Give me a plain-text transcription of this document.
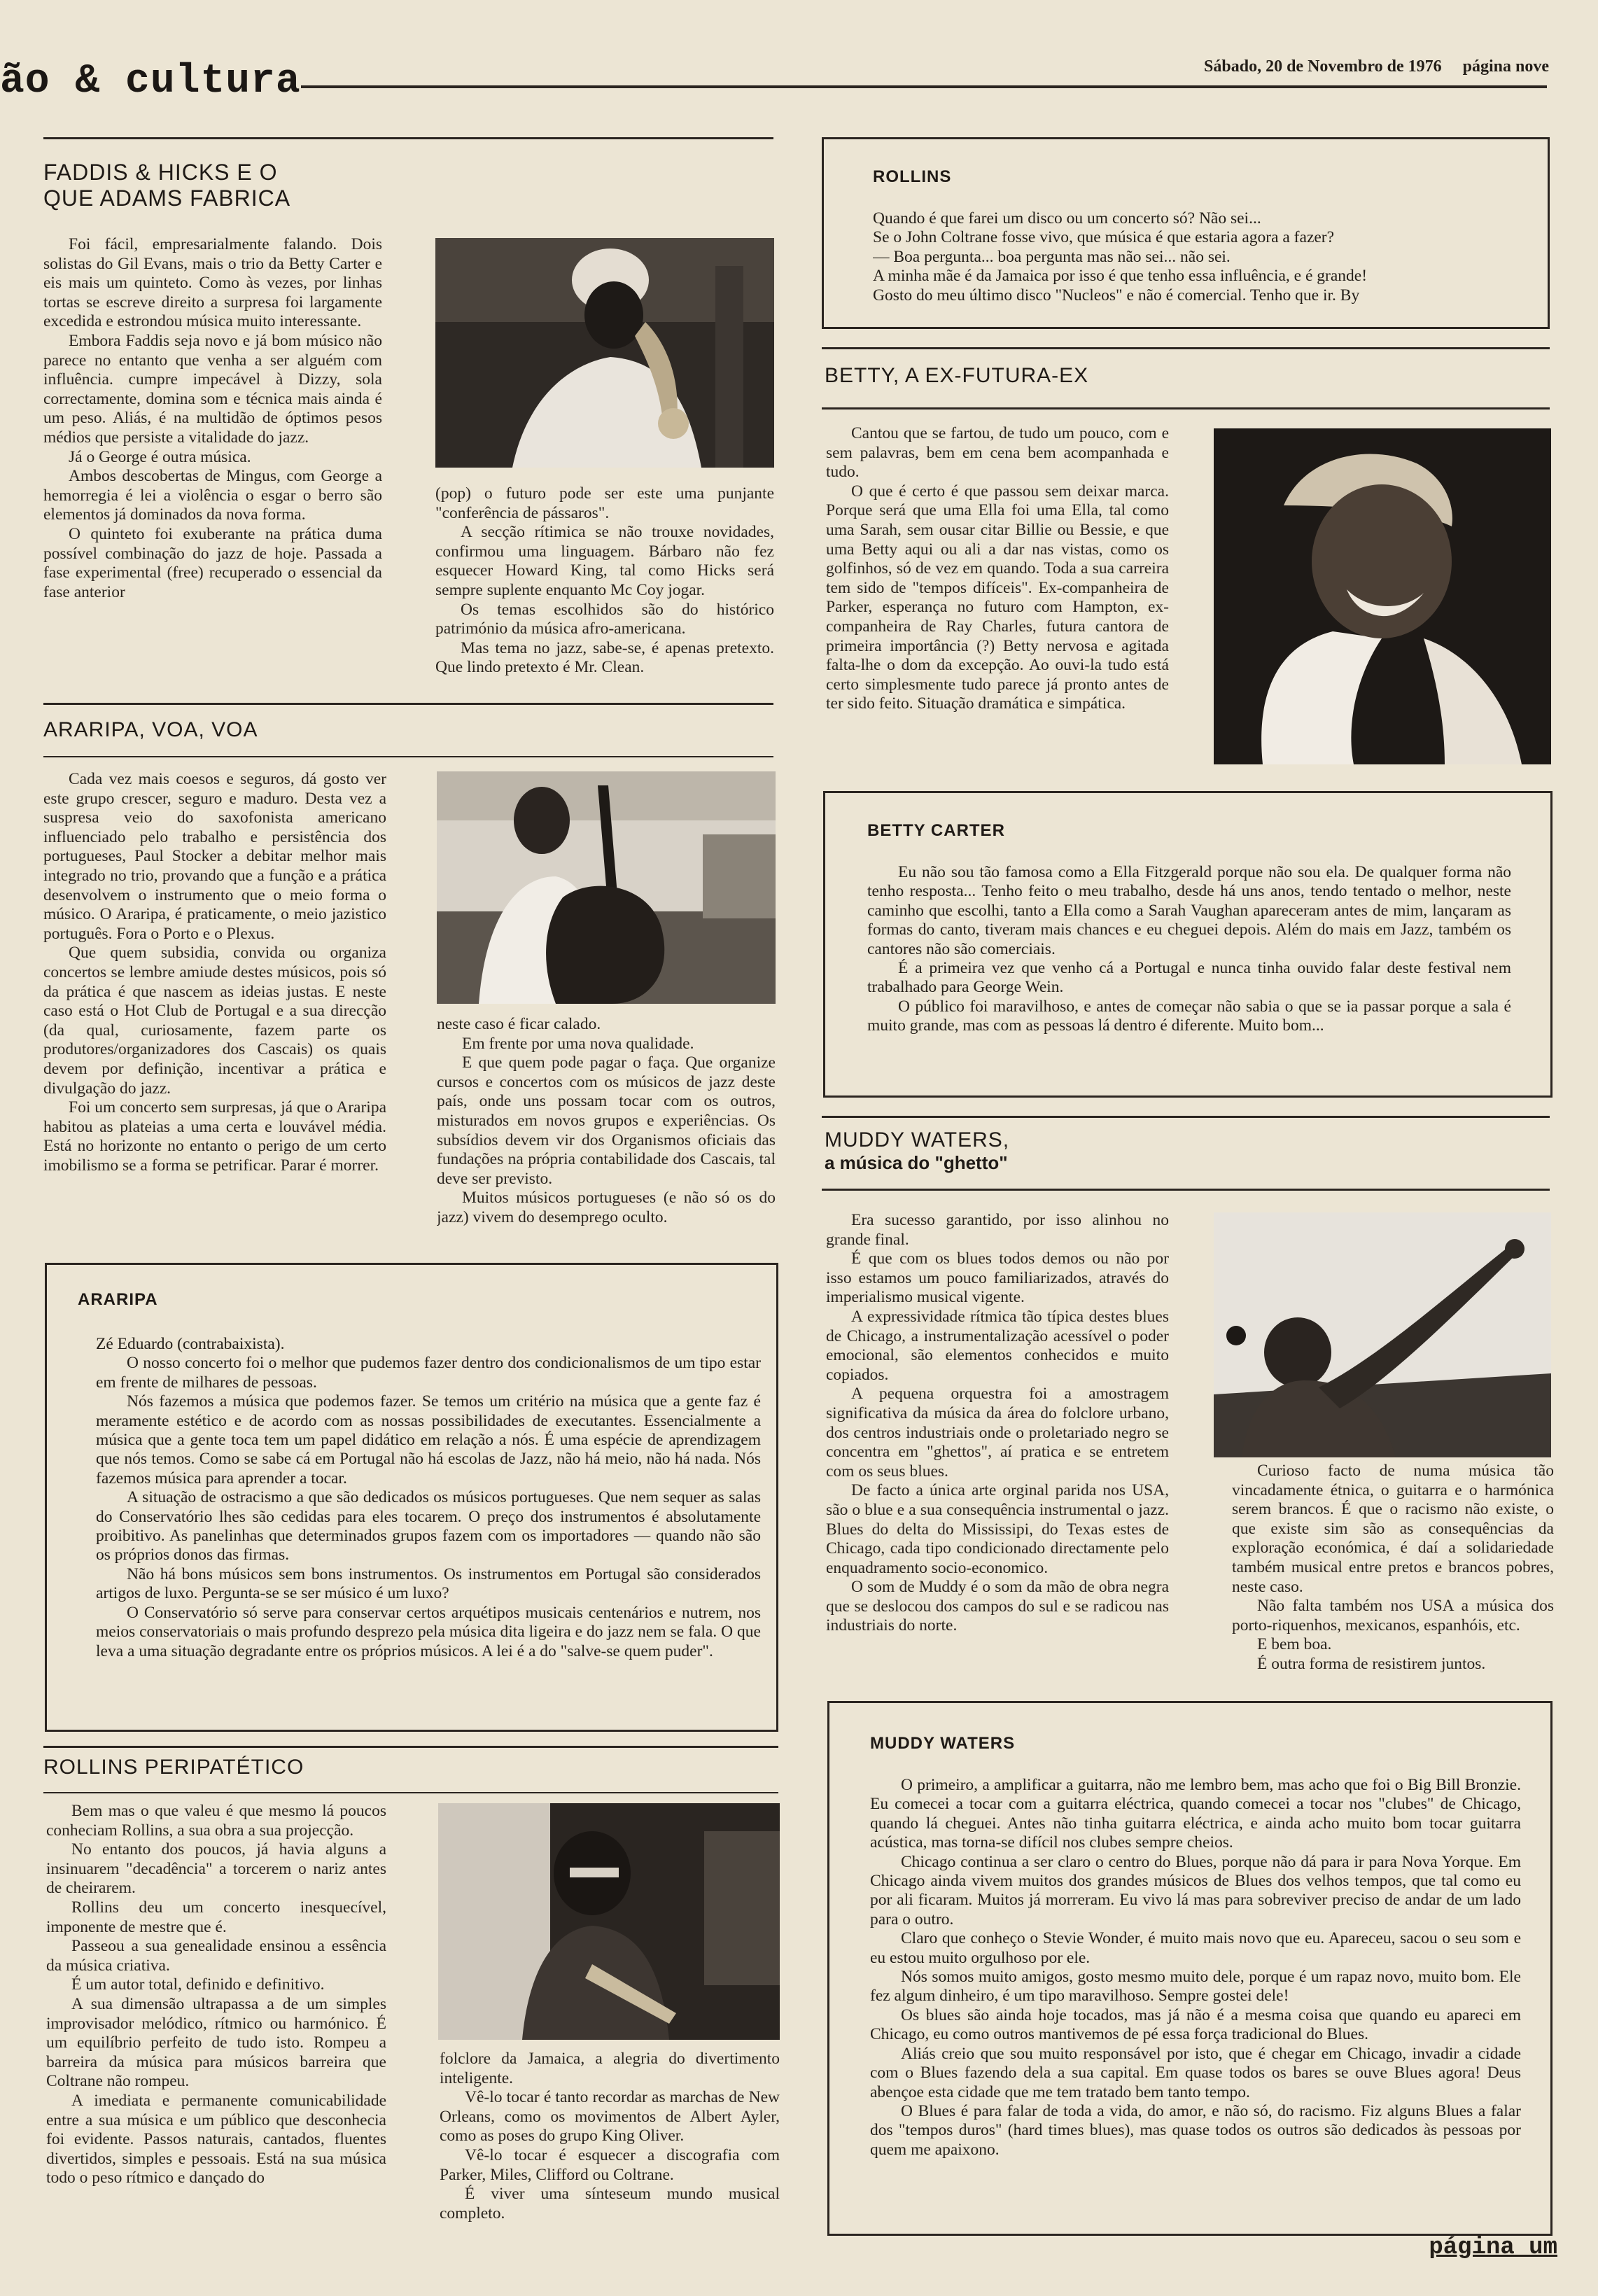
ão & cultura	Sábado, 20 de Novembro de 1976 página nove
FADDIS & HICKS E O
QUE ADAMS FABRICA

Foi fácil, empresarialmente falando. Dois solistas do Gil Evans, mais o trio da Betty Carter e eis mais um quinteto. Como às vezes, por linhas tortas se escreve direito a surpresa foi largamente excedida e estrondou música muito interessante.

Embora Faddis seja novo e já bom músico não parece no entanto que venha a ser alguém com influência. cumpre impecável à Dizzy, sola correctamente, domina som e técnica mais ainda é um peso. Aliás, é na multidão de óptimos pesos médios que persiste a vitalidade do jazz.

Já o George é outra música.

Ambos descobertas de Mingus, com George a hemorregia é lei a violência o esgar o berro são elementos já dominados da nova forma.

O quinteto foi exuberante na prática duma possível combinação do jazz de hoje. Passada a fase experimental (free) recuperado o essencial da fase anterior

(pop) o futuro pode ser este uma punjante "conferência de pássaros".

A secção rítimica se não trouxe novidades, confirmou uma linguagem. Bárbaro não fez esquecer Howard King, tal como Hicks será sempre suplente enquanto Mc Coy jogar.

Os temas escolhidos são do histórico património da música afro-americana.

Mas tema no jazz, sabe-se, é apenas pretexto. Que lindo pretexto é Mr. Clean.

ROLLINS

Quando é que farei um disco ou um concerto só? Não sei...

Se o John Coltrane fosse vivo, que música é que estaria agora a fazer?

— Boa pergunta... boa pergunta mas não sei... não sei.

A minha mãe é da Jamaica por isso é que tenho essa influência, e é grande!

Gosto do meu último disco "Nucleos" e não é comercial. Tenho que ir. By

BETTY, A EX-FUTURA-EX

Cantou que se fartou, de tudo um pouco, com e sem palavras, bem em cena bem acompanhada e tudo.

O que é certo é que passou sem deixar marca. Porque será que uma Ella foi uma Ella, tal como uma Sarah, sem ousar citar Billie ou Bessie, e que uma Betty aqui ou ali a dar nas vistas, como os golfinhos, só de vez em quando. Toda a sua carreira tem sido de "tempos difíceis". Ex-companheira de Parker, esperança no futuro com Hampton, ex-companheira de Ray Charles, futura cantora de primeira importância (?) Betty nervosa e agitada falta-lhe o dom da excepção. Ao ouvi-la tudo está certo simplesmente tudo parece já pronto antes de ter sido feito. Situação dramática e simpática.

BETTY CARTER

Eu não sou tão famosa como a Ella Fitzgerald porque não sou ela. De qualquer forma não tenho resposta... Tenho feito o meu trabalho, desde há uns anos, tendo tentado o melhor, neste caminho que escolhi, tanto a Ella como a Sarah Vaughan apareceram antes de mim, lançaram as formas do canto, tiveram mais chances e eu cheguei depois. Além do mais em Jazz, também os cantores não são comerciais.

É a primeira vez que venho cá a Portugal e nunca tinha ouvido falar deste festival nem trabalhado para George Wein.

O público foi maravilhoso, e antes de começar não sabia o que se ia passar porque a sala é muito grande, mas com as pessoas lá dentro é diferente. Muito bom...

ARARIPA, VOA, VOA

Cada vez mais coesos e seguros, dá gosto ver este grupo crescer, seguro e maduro. Desta vez a suspresa veio do saxofonista americano influenciado pelo trabalho e persistência dos portugueses, Paul Stocker a debitar melhor mais integrado no trio, provando que a função e a prática desenvolvem o instrumento que o meio forma o músico. O Araripa, é praticamente, o meio jazistico português. Fora o Porto e o Plexus.

Que quem subsidia, convida ou organiza concertos se lembre amiude destes músicos, pois só da prática é que nascem as ideias justas. E neste caso está o Hot Club de Portugal e a sua direcção (da qual, curiosamente, fazem parte os produtores/organizadores dos Cascais) os quais devem por definição, incentivar a prática e divulgação do jazz.

Foi um concerto sem surpresas, já que o Araripa habitou as plateias a uma certa e louvável média. Está no horizonte no entanto o perigo de um certo imobilismo se a forma se petrificar. Parar é morrer.

neste caso é ficar calado.

Em frente por uma nova qualidade.

E que quem pode pagar o faça. Que organize cursos e concertos com os músicos de jazz deste país, onde uns possam tocar com os outros, misturados em novos grupos e experiências. Os subsídios devem vir dos Organismos oficiais das fundações na própria contabilidade dos Cascais, tal deve ser previsto.

Muitos músicos portugueses (e não só os do jazz) vivem do desemprego oculto.

ARARIPA

Zé Eduardo (contrabaixista).

O nosso concerto foi o melhor que pudemos fazer dentro dos condicionalismos de um tipo estar em frente de milhares de pessoas.

Nós fazemos a música que podemos fazer. Se temos um critério na música que a gente faz é meramente estético e de acordo com as nossas possibilidades de executantes. Essencialmente a música que a gente toca tem um papel didático em relação a nós. É uma espécie de aprendizagem que nós temos. Como se sabe cá em Portugal não há escolas de Jazz, não há meio, não há nada. Nós fazemos música para aprender a tocar.

A situação de ostracismo a que são dedicados os músicos portugueses. Que nem sequer as salas do Conservatório lhes são cedidas para eles tocarem. O preço dos instrumentos é absolutamente proibitivo. As panelinhas que determinados grupos fazem com os importadores — quando não são os próprios donos das firmas.

Não há bons músicos sem bons instrumentos. Os instrumentos em Portugal são considerados artigos de luxo. Pergunta-se se ser músico é um luxo?

O Conservatório só serve para conservar certos arquétipos musicais centenários e nutrem, nos meios conservatoriais o mais profundo desprezo pela música dita ligeira e do jazz nem se fala. O que leva a uma situação degradante entre os próprios músicos. A lei é a do "salve-se quem puder".

MUDDY WATERS,
a música do "ghetto"

Era sucesso garantido, por isso alinhou no grande final.

É que com os blues todos demos ou não por isso estamos um pouco familiarizados, através do imperialismo musical vigente.

A expressividade rítmica tão típica destes blues de Chicago, a instrumentalização acessível o poder emocional, são elementos conhecidos e muito copiados.

A pequena orquestra foi a amostragem significativa da música da área do folclore urbano, dos centros industriais onde o proletariado negro se concentra em "ghettos", aí pratica e se entretem com os seus blues.

De facto a única arte orginal parida nos USA, são o blue e a sua consequência instrumental o jazz. Blues do delta do Mississipi, do Texas estes de Chicago, cada tipo condicionado directamente pelo enquadramento socio-economico.

O som de Muddy é o som da mão de obra negra que se deslocou dos campos do sul e se radicou nas industriais do norte.

Curioso facto de numa música tão vincadamente étnica, o guitarra e o harmónica serem brancos. É que o racismo não existe, o que existe sim são as consequências da exploração económica, é daí a solidariedade também musical entre pretos e brancos pobres, neste caso.

Não falta também nos USA a música dos porto-riquenhos, mexicanos, espanhóis, etc.

E bem boa.

É outra forma de resistirem juntos.

MUDDY WATERS

O primeiro, a amplificar a guitarra, não me lembro bem, mas acho que foi o Big Bill Bronzie. Eu comecei a tocar com a guitarra eléctrica, quando comecei a tocar nos "clubes" de Chicago, quando lá cheguei. Antes não tinha guitarra eléctrica, e ainda acho muito bom tocar guitarra acústica, mas torna-se difícil nos clubes sempre cheios.

Chicago continua a ser claro o centro do Blues, porque não dá para ir para Nova Yorque. Em Chicago ainda vivem muitos dos grandes músicos de Blues dos velhos tempos, que tal como eu por ali ficaram. Muitos já morreram. Eu vivo lá mas para sobreviver preciso de andar de um lado para o outro.

Claro que conheço o Stevie Wonder, é muito mais novo que eu. Apareceu, sacou o seu som e eu estou muito orgulhoso por ele.

Nós somos muito amigos, gosto mesmo muito dele, porque é um rapaz novo, muito bom. Ele fez algum dinheiro, é um tipo maravilhoso. Sempre gostei dele!

Os blues são ainda hoje tocados, mas já não é a mesma coisa que quando eu apareci em Chicago, eu como outros mantivemos de pé essa força tradicional do Blues.

Aliás creio que sou muito responsável por isto, que é chegar em Chicago, invadir a cidade com o Blues fazendo dela a sua capital. Em quase todos os bares se ouve Blues agora! Deus abençoe esta cidade que me tem tratado bem tanto tempo.

O Blues é para falar de toda a vida, do amor, e não só, do racismo. Fiz alguns Blues a falar dos "tempos duros" (hard times blues), mas quase todos os outros são dedicados às pessoas por quem me apaixono.

ROLLINS PERIPATÉTICO

Bem mas o que valeu é que mesmo lá poucos conheciam Rollins, a sua obra a sua projecção.

No entanto dos poucos, já havia alguns a insinuarem "decadência" a torcerem o nariz antes de cheirarem.

Rollins deu um concerto inesquecível, imponente de mestre que é.

Passeou a sua genealidade ensinou a essência da música criativa.

É um autor total, definido e definitivo.

A sua dimensão ultrapassa a de um simples improvisador melódico, rítmico ou harmónico. É um equilíbrio perfeito de tudo isto. Rompeu a barreira da música para músicos barreira que Coltrane não rompeu.

A imediata e permanente comunicabilidade entre a sua música e um público que desconhecia foi evidente. Passos naturais, cantados, fluentes divertidos, simples e pessoais. Está na sua música todo o peso rítmico e dançado do

folclore da Jamaica, a alegria do divertimento inteligente.

Vê-lo tocar é tanto recordar as marchas de New Orleans, como os movimentos de Albert Ayler, como as poses do grupo King Oliver.

Vê-lo tocar é esquecer a discografia com Parker, Miles, Clifford ou Coltrane.

É viver uma sínteseum mundo musical completo.

página um
